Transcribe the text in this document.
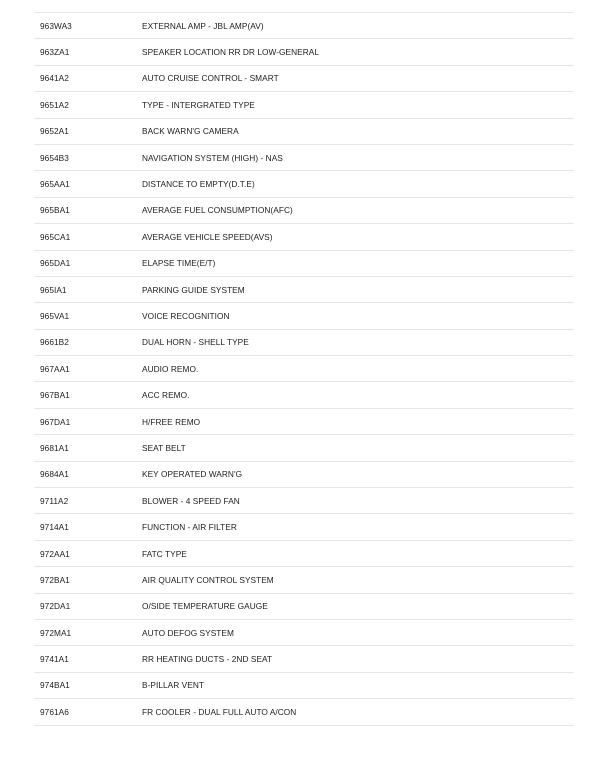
963WA3	EXTERNAL AMP - JBL AMP(AV)
963ZA1	SPEAKER LOCATION RR DR LOW-GENERAL
9641A2	AUTO CRUISE CONTROL - SMART
9651A2	TYPE - INTERGRATED TYPE
9652A1	BACK WARN'G CAMERA
9654B3	NAVIGATION SYSTEM (HIGH) - NAS
965AA1	DISTANCE TO EMPTY(D.T.E)
965BA1	AVERAGE FUEL CONSUMPTION(AFC)
965CA1	AVERAGE VEHICLE SPEED(AVS)
965DA1	ELAPSE TIME(E/T)
965IA1	PARKING GUIDE SYSTEM
965VA1	VOICE RECOGNITION
9661B2	DUAL HORN - SHELL TYPE
967AA1	AUDIO REMO.
967BA1	ACC REMO.
967DA1	H/FREE REMO
9681A1	SEAT BELT
9684A1	KEY OPERATED WARN'G
9711A2	BLOWER - 4 SPEED FAN
9714A1	FUNCTION - AIR FILTER
972AA1	FATC TYPE
972BA1	AIR QUALITY CONTROL SYSTEM
972DA1	O/SIDE TEMPERATURE GAUGE
972MA1	AUTO DEFOG SYSTEM
9741A1	RR HEATING DUCTS - 2ND SEAT
974BA1	B-PILLAR VENT
9761A6	FR COOLER - DUAL FULL AUTO A/CON
